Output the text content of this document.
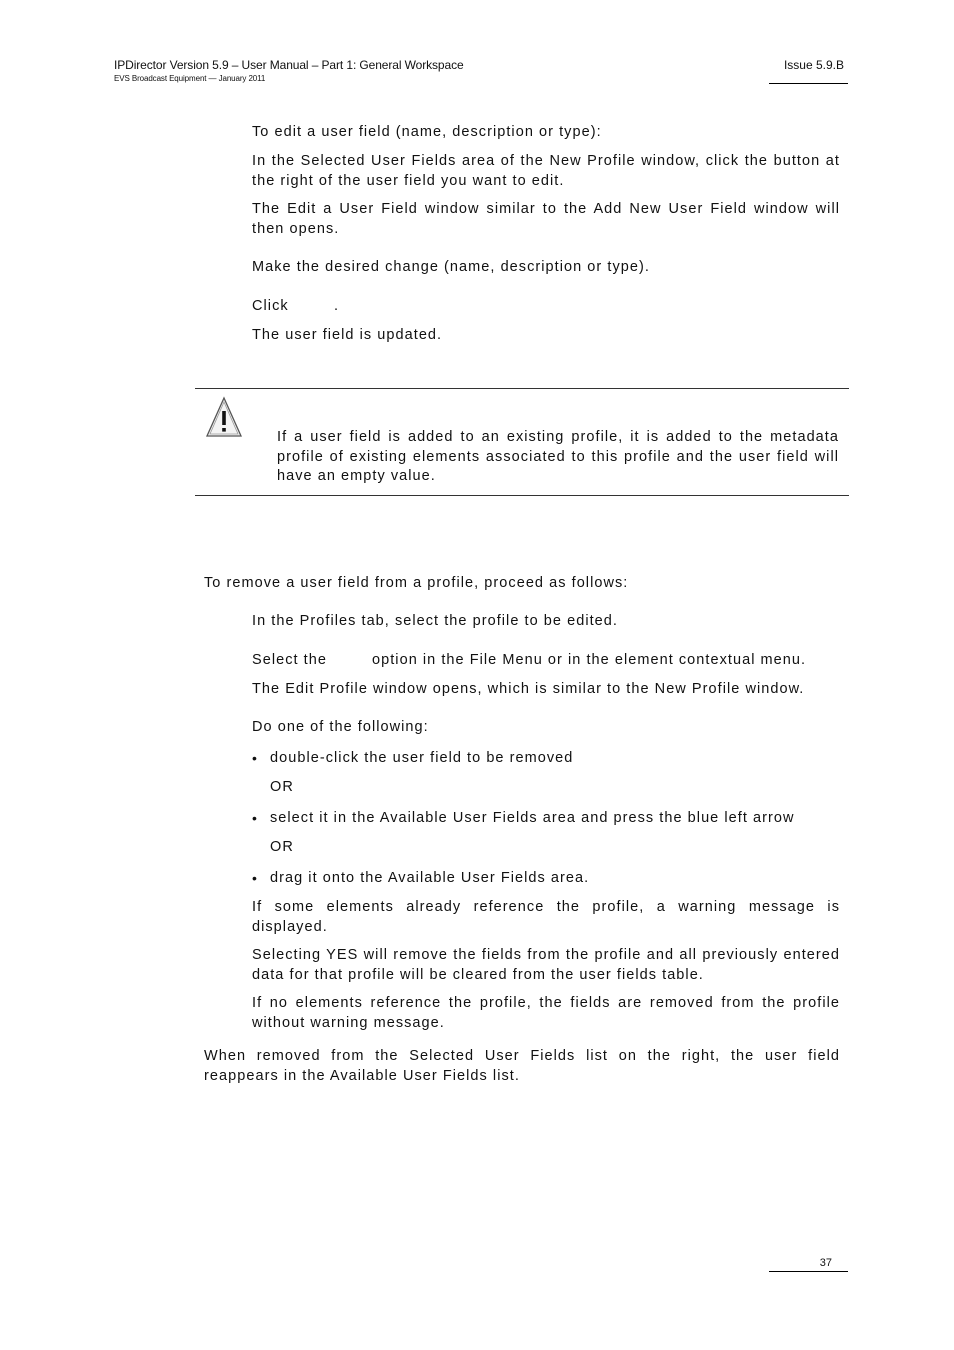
IPDirector Version 5.9 – User Manual – Part 1: General Workspace
EVS Broadcast Equipment — January 2011
Issue 5.9.B
To edit a user field (name, description or type):
In the Selected User Fields area of the New Profile window, click the button at the right of the user field you want to edit.
The Edit a User Field window similar to the Add New User Field window will then opens.
Make the desired change (name, description or type).
Click	.
The user field is updated.
If a user field is added to an existing profile, it is added to the metadata profile of existing elements associated to this profile and the user field will have an empty value.
To remove a user field from a profile, proceed as follows:
In the Profiles tab, select the profile to be edited.
Select the	option in the File Menu or in the element contextual menu.
The Edit Profile window opens, which is similar to the New Profile window.
Do one of the following:
• double-click the user field to be removed
OR
• select it in the Available User Fields area and press the blue left arrow
OR
• drag it onto the Available User Fields area.
If some elements already reference the profile, a warning message is displayed.
Selecting YES will remove the fields from the profile and all previously entered data for that profile will be cleared from the user fields table.
If no elements reference the profile, the fields are removed from the profile without warning message.
When removed from the Selected User Fields list on the right, the user field reappears in the Available User Fields list.
37
